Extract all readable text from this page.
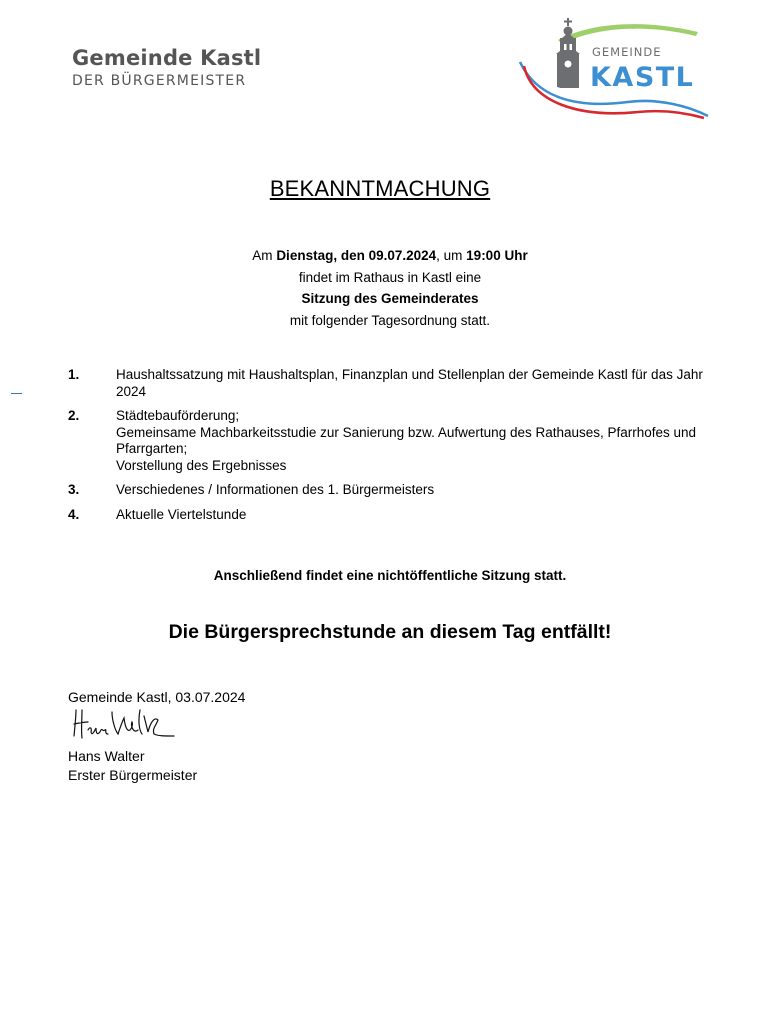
Gemeinde Kastl
DER BÜRGERMEISTER
GEMEINDE
KASTL
BEKANNTMACHUNG
Am Dienstag, den 09.07.2024, um 19:00 Uhr
findet im Rathaus in Kastl eine
Sitzung des Gemeinderates
mit folgender Tagesordnung statt.
1.	Haushaltssatzung mit Haushaltsplan, Finanzplan und Stellenplan der Gemeinde Kastl für das Jahr 2024
2.	Städtebauförderung;
Gemeinsame Machbarkeitsstudie zur Sanierung bzw. Aufwertung des Rathauses, Pfarrhofes und Pfarrgarten;
Vorstellung des Ergebnisses
3.	Verschiedenes / Informationen des 1. Bürgermeisters
4.	Aktuelle Viertelstunde
Anschließend findet eine nichtöffentliche Sitzung statt.
Die Bürgersprechstunde an diesem Tag entfällt!
Gemeinde Kastl, 03.07.2024
Hans Walter
Erster Bürgermeister
